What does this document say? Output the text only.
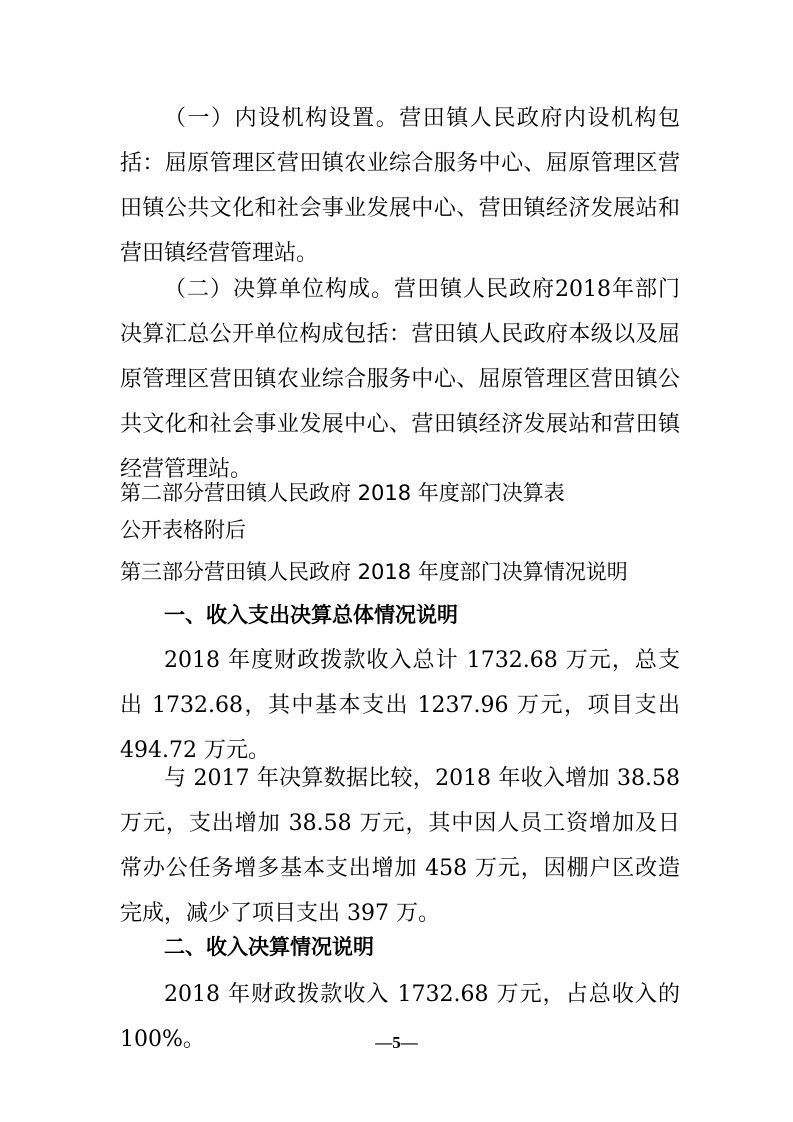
（一）内设机构设置。营田镇人民政府内设机构包括：屈原管理区营田镇农业综合服务中心、屈原管理区营田镇公共文化和社会事业发展中心、营田镇经济发展站和营田镇经营管理站。

（二）决算单位构成。营田镇人民政府2018年部门决算汇总公开单位构成包括：营田镇人民政府本级以及屈原管理区营田镇农业综合服务中心、屈原管理区营田镇公共文化和社会事业发展中心、营田镇经济发展站和营田镇经营管理站。

第二部分营田镇人民政府 2018 年度部门决算表

公开表格附后

第三部分营田镇人民政府 2018 年度部门决算情况说明

一、收入支出决算总体情况说明

2018 年度财政拨款收入总计 1732.68 万元，总支出 1732.68，其中基本支出 1237.96 万元，项目支出 494.72 万元。

与 2017 年决算数据比较，2018 年收入增加 38.58 万元，支出增加 38.58 万元，其中因人员工资增加及日常办公任务增多基本支出增加 458 万元，因棚户区改造完成，减少了项目支出 397 万。

二、收入决算情况说明

2018 年财政拨款收入 1732.68 万元，占总收入的 100%。	—5—
